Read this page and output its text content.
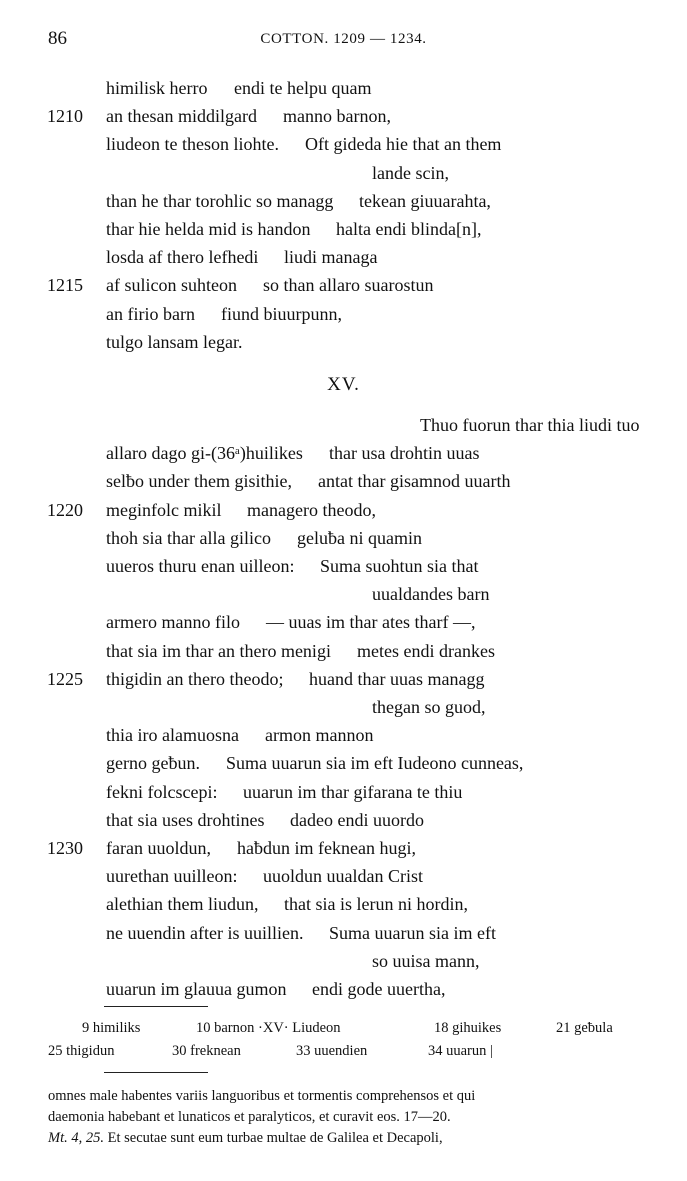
86	COTTON. 1209 — 1234.
himilisk herro endi te helpu quam
1210 an thesan middilgard manno barnon,
liudeon te theson liohte. Oft gideda hie that an them
lande scin,
than he thar torohlic so managg tekean giuuarahta,
thar hie helda mid is handon halta endi blinda[n],
losda af thero lefhedi liudi managa
1215 af sulicon suhteon so than allaro suarostun
an firio barn fiund biuurpunn,
tulgo lansam legar.
XV.
Thuo fuorun thar thia liudi tuo
allaro dago gi-(36ᵃ)huilikes thar usa drohtin uuas
selƀo under them gisithie, antat thar gisamnod uuarth
1220 meginfolc mikil managero theodo,
thoh sia thar alla gilico geluƀa ni quamin
uueros thuru enan uilleon: Suma suohtun sia that
uualdandes barn
armero manno filo — uuas im thar ates tharf —,
that sia im thar an thero menigi metes endi drankes
1225 thigidin an thero theodo; huand thar uuas managg
thegan so guod,
thia iro alamuosna armon mannon
gerno geƀun. Suma uuarun sia im eft Iudeono cunneas,
fekni folcscepi: uuarun im thar gifarana te thiu
that sia uses drohtines dadeo endi uuordo
1230 faran uuoldun, haƀdun im feknean hugi,
uurethan uuilleon: uuoldun uualdan Crist
alethian them liudun, that sia is lerun ni hordin,
ne uuendin after is uuillien. Suma uuarun sia im eft
so uuisa mann,
uuarun im glauua gumon endi gode uuertha,
9 himiliks	10 barnon ·XV· Liudeon	18 gihuikes	21 geƀula
25 thigidun	30 freknean	33 uuendien	34 uuarun |
omnes male habentes variis languoribus et tormentis comprehensos et qui
daemonia habebant et lunaticos et paralyticos, et curavit eos. 17—20.
Mt. 4, 25. Et secutae sunt eum turbae multae de Galilea et Decapoli,
